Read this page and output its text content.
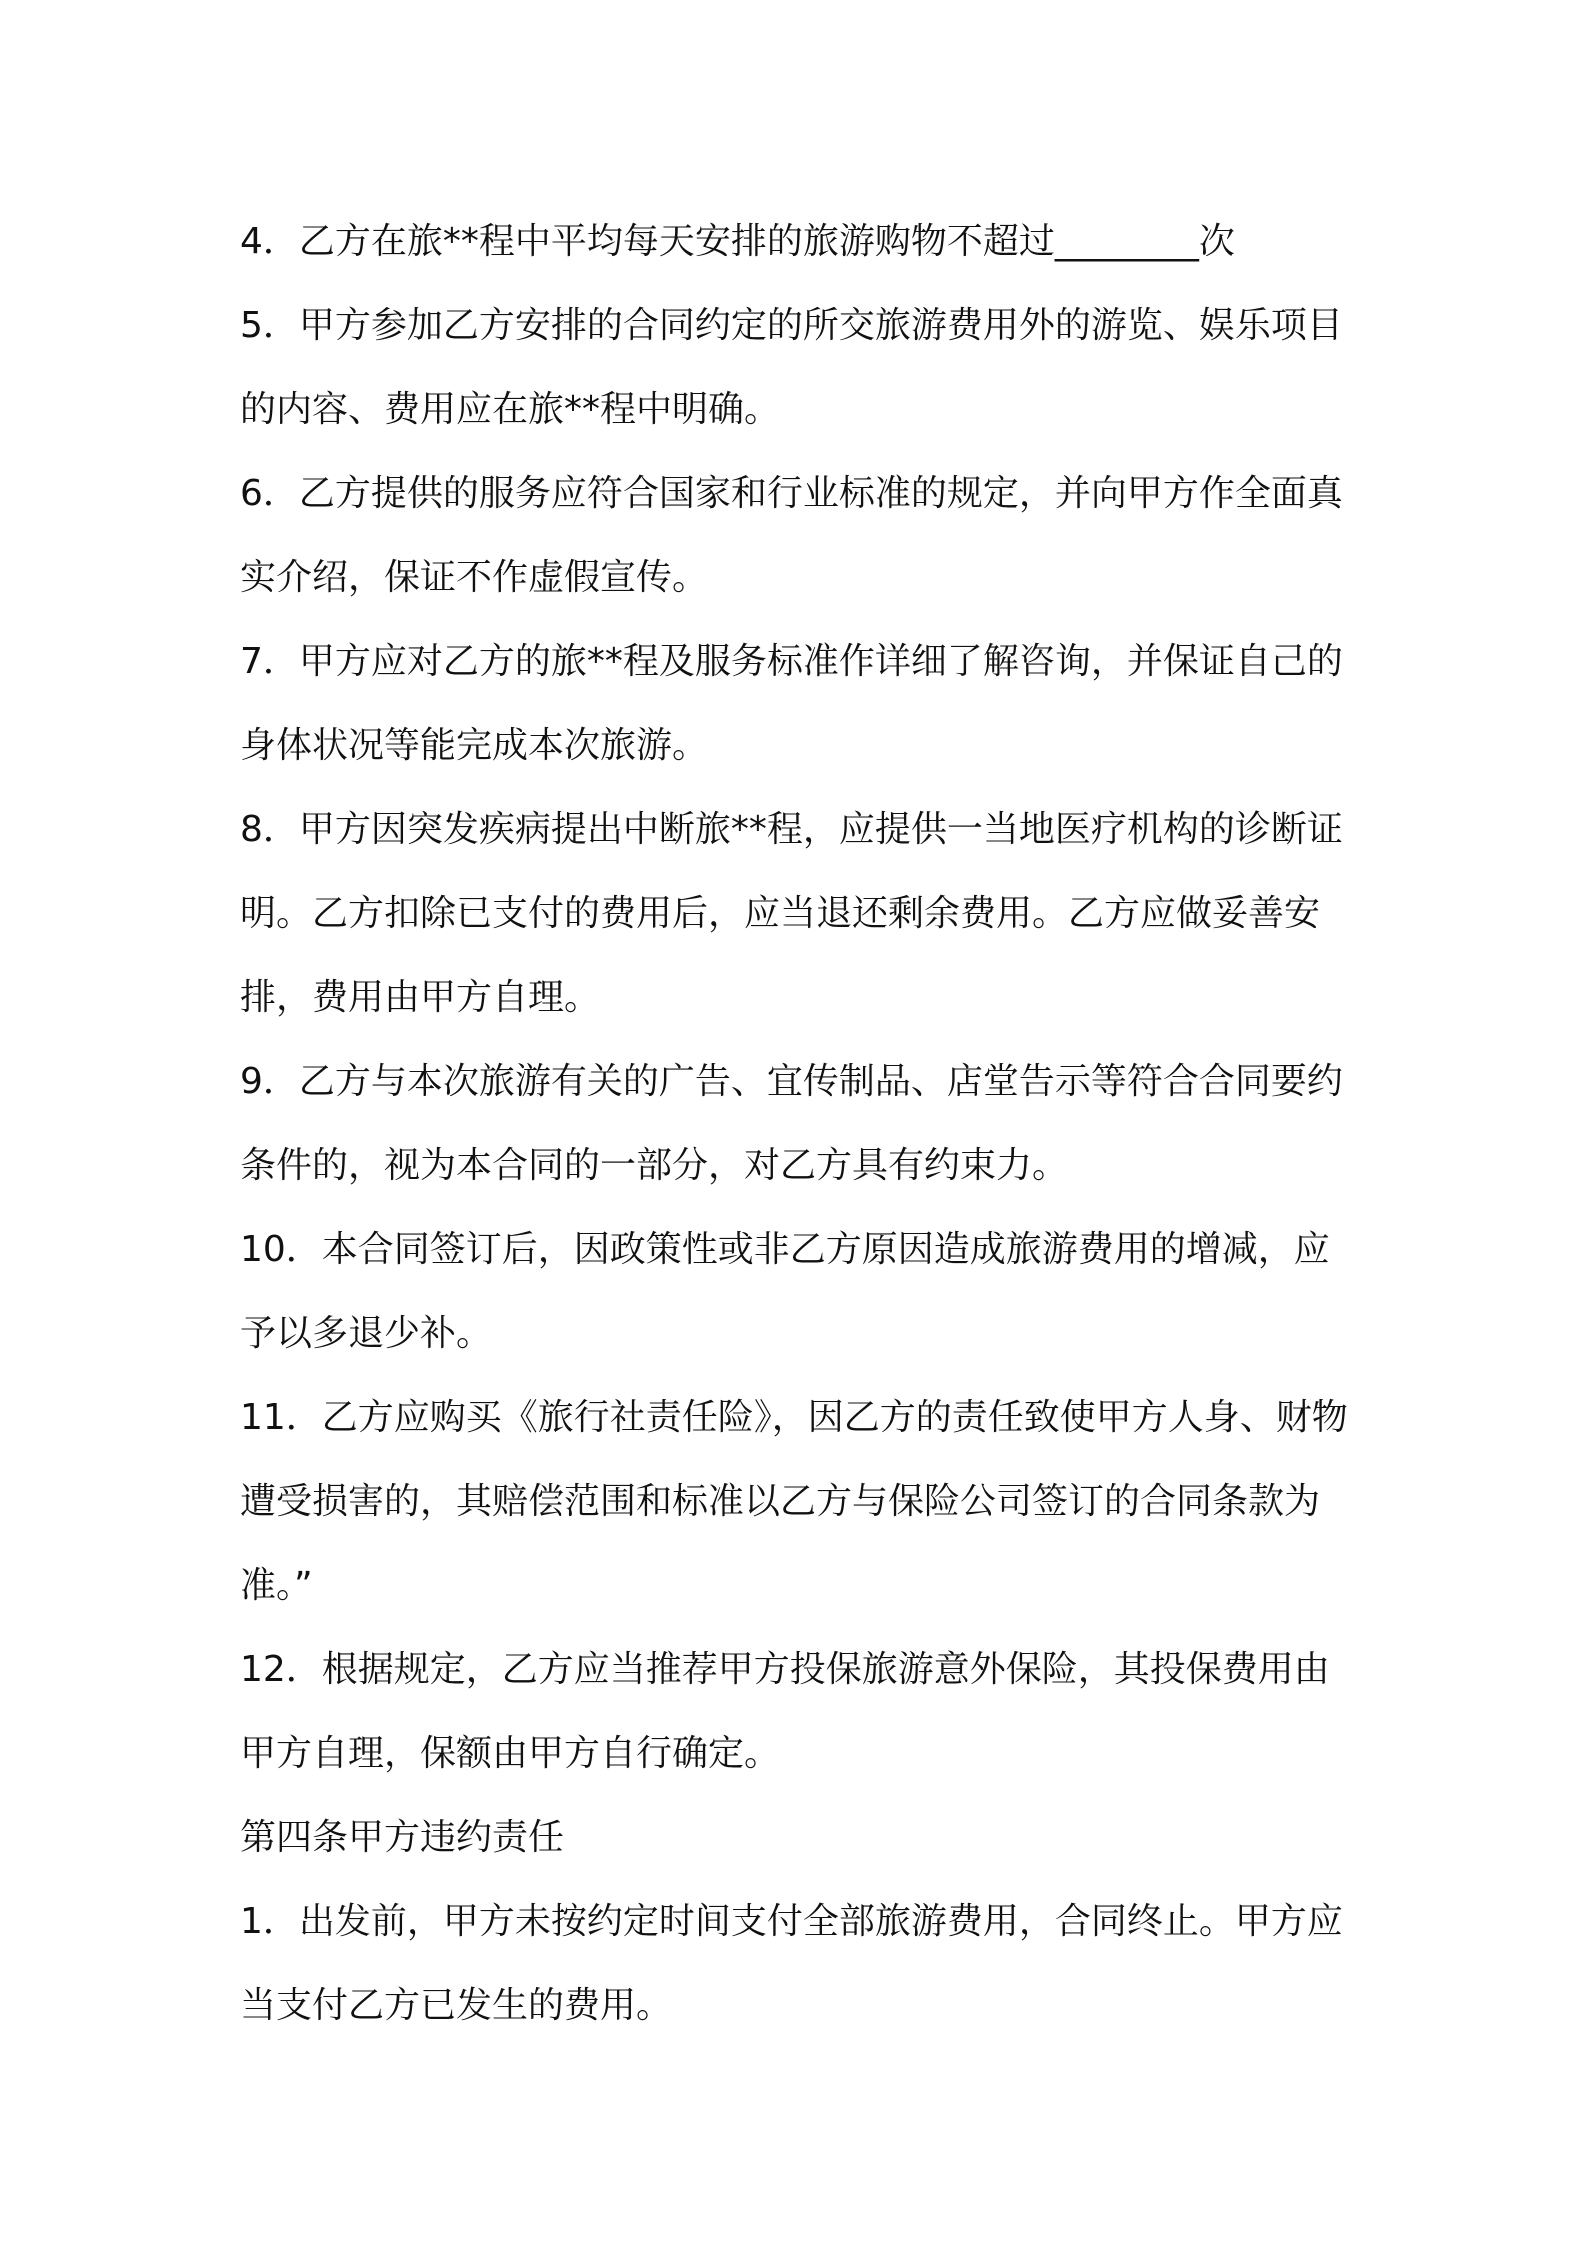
4．乙方在旅**程中平均每天安排的旅游购物不超过________次

5．甲方参加乙方安排的合同约定的所交旅游费用外的游览、娱乐项目的内容、费用应在旅**程中明确。

6．乙方提供的服务应符合国家和行业标准的规定，并向甲方作全面真实介绍，保证不作虚假宣传。

7．甲方应对乙方的旅**程及服务标准作详细了解咨询，并保证自己的身体状况等能完成本次旅游。

8．甲方因突发疾病提出中断旅**程，应提供一当地医疗机构的诊断证明。乙方扣除已支付的费用后，应当退还剩余费用。乙方应做妥善安排，费用由甲方自理。

9．乙方与本次旅游有关的广告、宜传制品、店堂告示等符合合同要约条件的，视为本合同的一部分，对乙方具有约束力。

10．本合同签订后，因政策性或非乙方原因造成旅游费用的增减，应予以多退少补。

11．乙方应购买《旅行社责任险》，因乙方的责任致使甲方人身、财物遭受损害的，其赔偿范围和标准以乙方与保险公司签订的合同条款为准。”

12．根据规定，乙方应当推荐甲方投保旅游意外保险，其投保费用由甲方自理，保额由甲方自行确定。

第四条甲方违约责任

1．出发前，甲方未按约定时间支付全部旅游费用，合同终止。甲方应当支付乙方已发生的费用。
